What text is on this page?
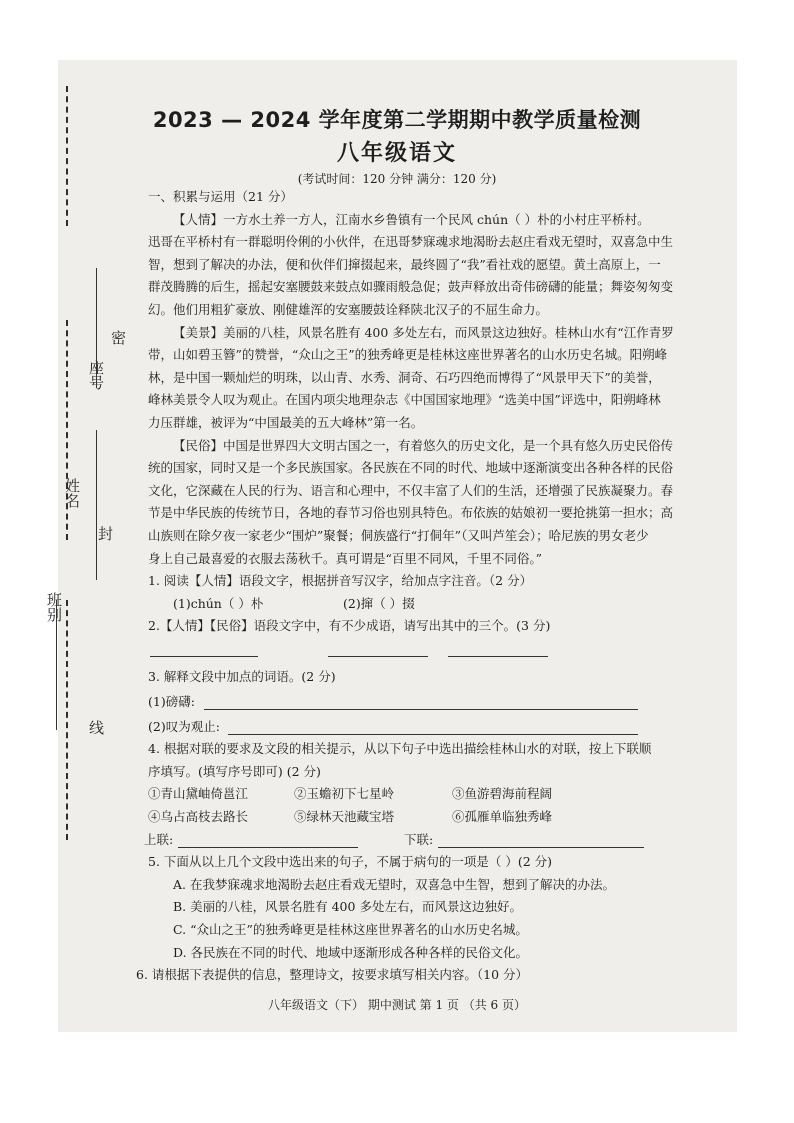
班别
姓名
座号
密
封
线
2023 — 2024 学年度第二学期期中教学质量检测
八年级语文
(考试时间：120 分钟 满分：120 分)

一、积累与运用（21 分）

【人情】一方水土养一方人，江南水乡鲁镇有一个民风 chún（ ）朴的小村庄平桥村。

迅哥在平桥村有一群聪明伶俐的小伙伴，在迅哥梦寐魂求地渴盼去赵庄看戏无望时，双喜急中生

智，想到了解决的办法，便和伙伴们撺掇起来，最终圆了“我”看社戏的愿望。黄土高原上，一

群茂腾腾的后生，摇起安塞腰鼓来鼓点如骤雨般急促；鼓声释放出奇伟磅礴的能量；舞姿匆匆变

幻。他们用粗犷豪放、刚健雄浑的安塞腰鼓诠释陕北汉子的不屈生命力。

【美景】美丽的八桂，风景名胜有 400 多处左右，而风景这边独好。桂林山水有“江作青罗

带，山如碧玉簪”的赞誉，“众山之王”的独秀峰更是桂林这座世界著名的山水历史名城。阳朔峰

林，是中国一颗灿烂的明珠，以山青、水秀、洞奇、石巧四绝而博得了“风景甲天下”的美誉，

峰林美景令人叹为观止。在国内项尖地理杂志《中国国家地理》“选美中国”评选中，阳朔峰林

力压群雄，被评为“中国最美的五大峰林”第一名。

【民俗】中国是世界四大文明古国之一，有着悠久的历史文化，是一个具有悠久历史民俗传

统的国家，同时又是一个多民族国家。各民族在不同的时代、地域中逐渐演变出各种各样的民俗

文化，它深藏在人民的行为、语言和心理中，不仅丰富了人们的生活，还增强了民族凝聚力。春

节是中华民族的传统节日，各地的春节习俗也别具特色。布依族的姑娘初一要抢挑第一担水；高

山族则在除夕夜一家老少“围炉”聚餐；侗族盛行“打侗年”（又叫芦笙会）；哈尼族的男女老少

身上自己最喜爱的衣服去荡秋千。真可谓是“百里不同风，千里不同俗。”

1. 阅读【人情】语段文字，根据拼音写汉字，给加点字注音。（2 分）

(1)chún（ ）朴	(2)撺（ ）掇

2.【人情】【民俗】语段文字中，有不少成语，请写出其中的三个。(3 分)

3. 解释文段中加点的词语。(2 分)

(1)磅礴:
(2)叹为观止:

4. 根据对联的要求及文段的相关提示，从以下句子中选出描绘桂林山水的对联，按上下联顺

序填写。(填写序号即可) (2 分)

①青山黛岫倚邕江	②玉蟾初下七星岭	③鱼游碧海前程阔
④乌占高枝去路长	⑤绿林天池藏宝塔	⑥孤雁单临独秀峰
上联:	下联:

5. 下面从以上几个文段中选出来的句子，不属于病句的一项是（ ）(2 分)

A. 在我梦寐魂求地渴盼去赵庄看戏无望时，双喜急中生智，想到了解决的办法。

B. 美丽的八桂，风景名胜有 400 多处左右，而风景这边独好。

C. “众山之王”的独秀峰更是桂林这座世界著名的山水历史名城。

D. 各民族在不同的时代、地域中逐渐形成各种各样的民俗文化。

6. 请根据下表提供的信息，整理诗文，按要求填写相关内容。（10 分）

八年级语文（下） 期中测试 第 1 页 （共 6 页）
